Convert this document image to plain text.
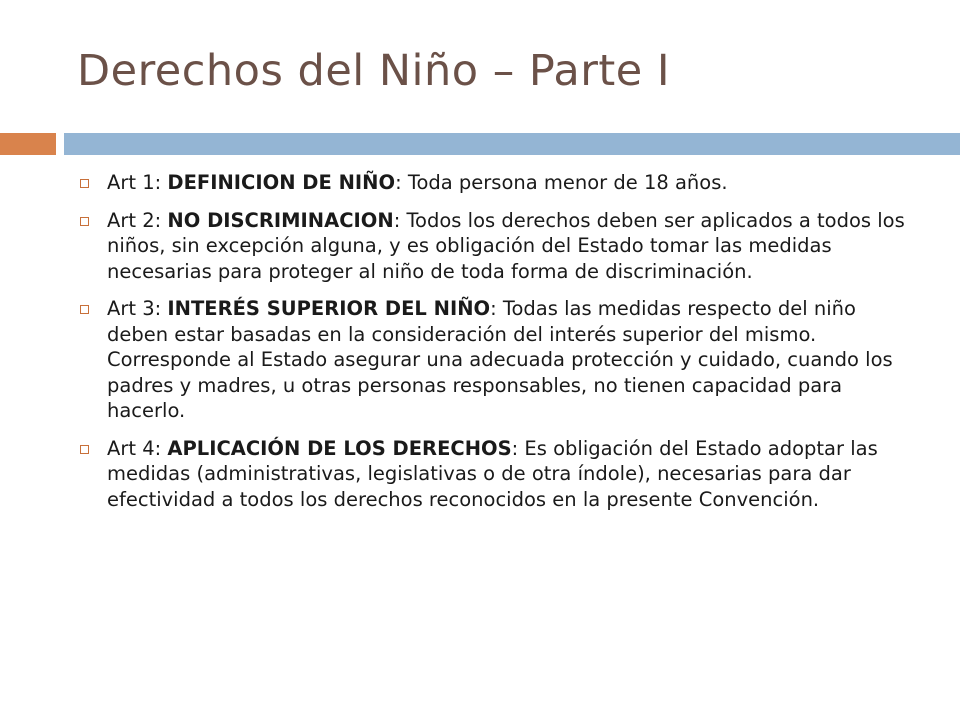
Derechos del Niño – Parte I
Art 1: DEFINICION DE NIÑO: Toda persona menor de 18 años.
Art 2: NO DISCRIMINACION: Todos los derechos deben ser aplicados a todos los niños, sin excepción alguna, y es obligación del Estado tomar las medidas necesarias para proteger al niño de toda forma de discriminación.
Art 3: INTERÉS SUPERIOR DEL NIÑO: Todas las medidas respecto del niño deben estar basadas en la consideración del interés superior del mismo. Corresponde al Estado asegurar una adecuada protección y cuidado, cuando los padres y madres, u otras personas responsables, no tienen capacidad para hacerlo.
Art 4: APLICACIÓN DE LOS DERECHOS: Es obligación del Estado adoptar las medidas (administrativas, legislativas o de otra índole), necesarias para dar efectividad a todos los derechos reconocidos en la presente Convención.
